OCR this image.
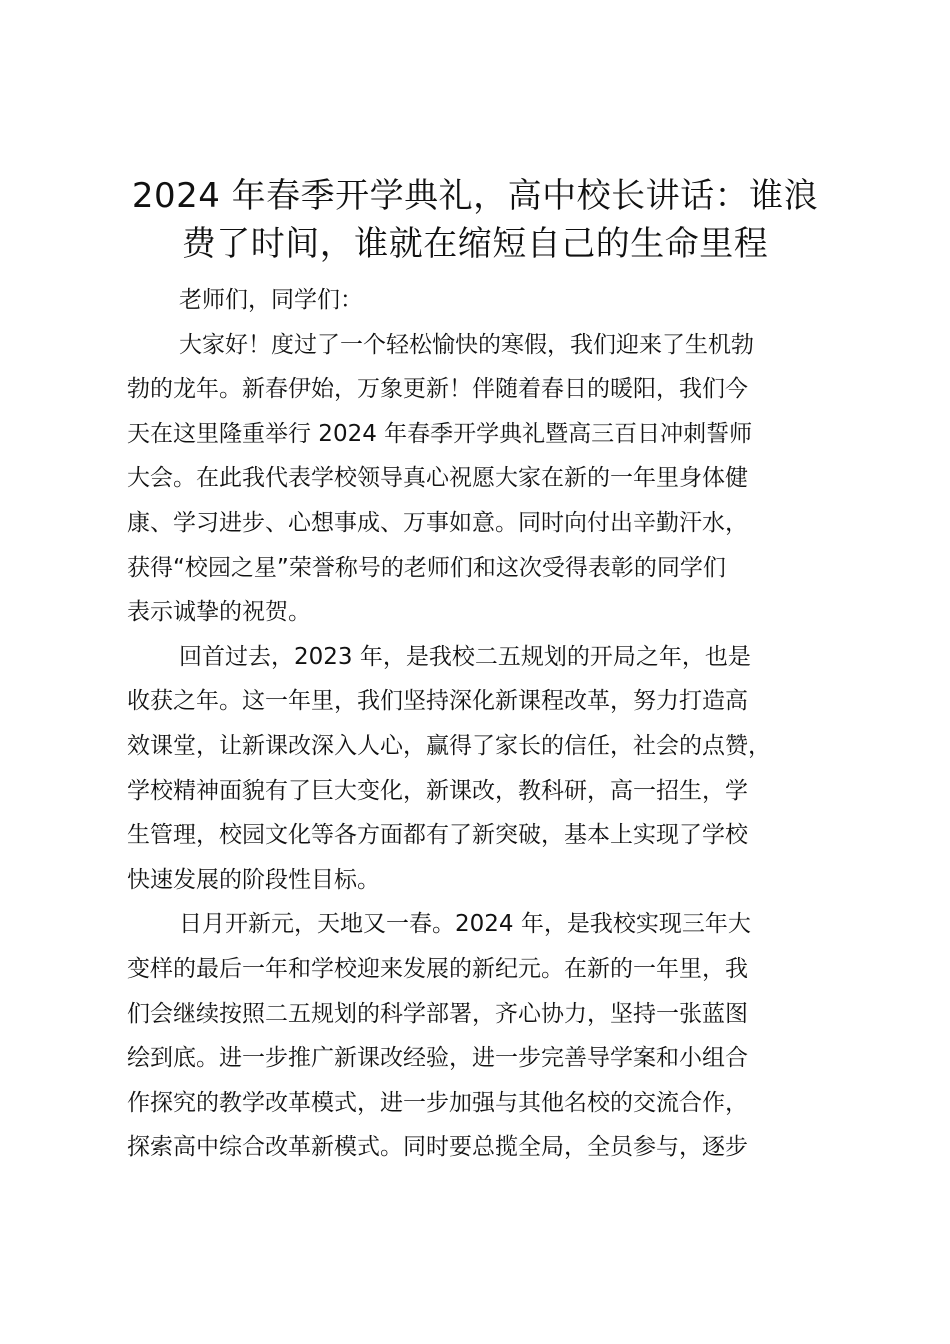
2024 年春季开学典礼，高中校长讲话：谁浪
费了时间，谁就在缩短自己的生命里程
老师们，同学们：
大家好！度过了一个轻松愉快的寒假，我们迎来了生机勃
勃的龙年。新春伊始，万象更新！伴随着春日的暖阳，我们今
天在这里隆重举行 2024 年春季开学典礼暨高三百日冲刺誓师
大会。在此我代表学校领导真心祝愿大家在新的一年里身体健
康、学习进步、心想事成、万事如意。同时向付出辛勤汗水，
获得“校园之星”荣誉称号的老师们和这次受得表彰的同学们
表示诚挚的祝贺。
回首过去，2023 年，是我校二五规划的开局之年，也是
收获之年。这一年里，我们坚持深化新课程改革，努力打造高
效课堂，让新课改深入人心，赢得了家长的信任，社会的点赞，
学校精神面貌有了巨大变化，新课改，教科研，高一招生，学
生管理，校园文化等各方面都有了新突破，基本上实现了学校
快速发展的阶段性目标。
日月开新元，天地又一春。2024 年，是我校实现三年大
变样的最后一年和学校迎来发展的新纪元。在新的一年里，我
们会继续按照二五规划的科学部署，齐心协力，坚持一张蓝图
绘到底。进一步推广新课改经验，进一步完善导学案和小组合
作探究的教学改革模式，进一步加强与其他名校的交流合作，
探索高中综合改革新模式。同时要总揽全局，全员参与，逐步
